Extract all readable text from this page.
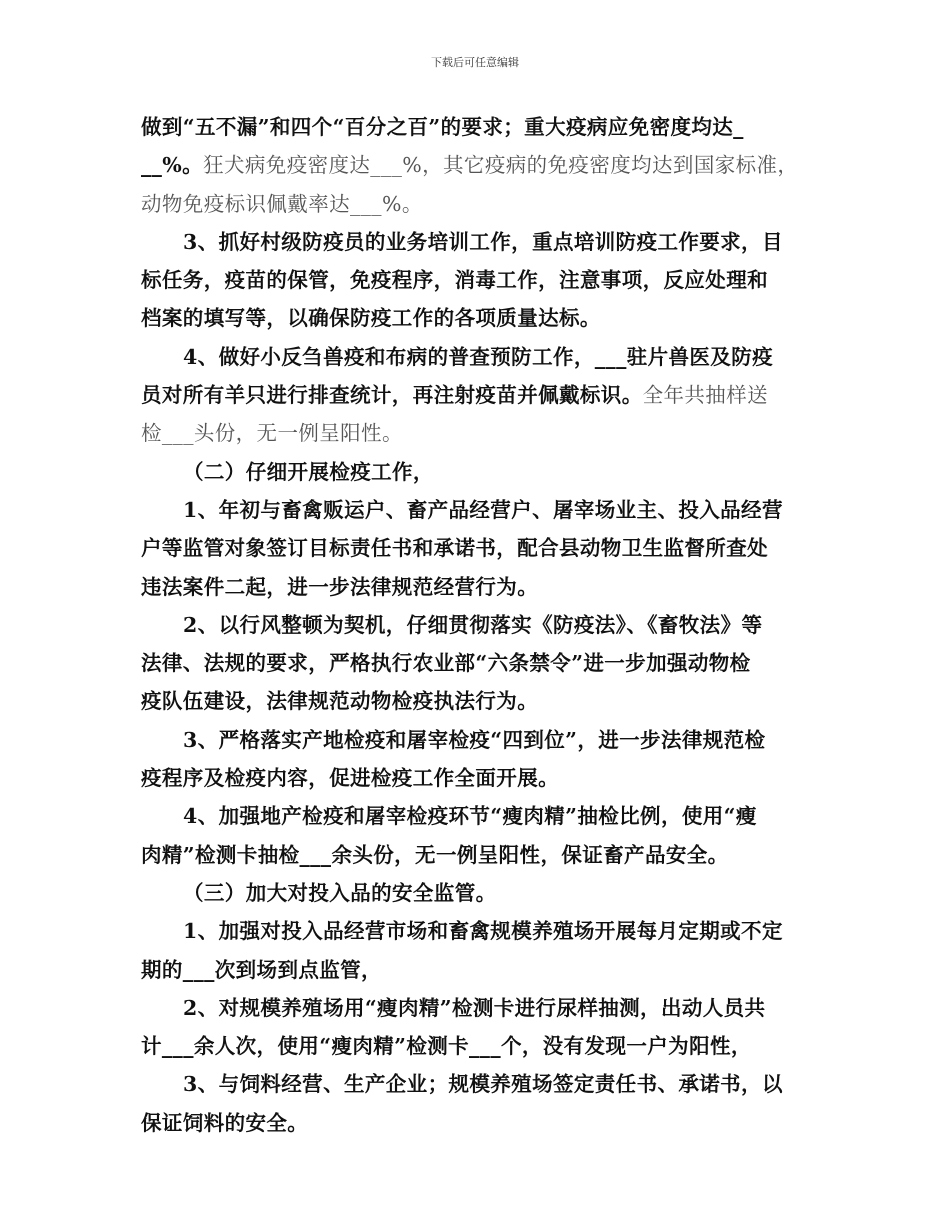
下载后可任意编辑
做到“五不漏”和四个“百分之百”的要求；重大疫病应免密度均达_
__%。狂犬病免疫密度达___%，其它疫病的免疫密度均达到国家标准，
动物免疫标识佩戴率达___%。
3、抓好村级防疫员的业务培训工作，重点培训防疫工作要求，目
标任务，疫苗的保管，免疫程序，消毒工作，注意事项，反应处理和
档案的填写等，以确保防疫工作的各项质量达标。
4、做好小反刍兽疫和布病的普查预防工作，___驻片兽医及防疫
员对所有羊只进行排查统计，再注射疫苗并佩戴标识。全年共抽样送
检___头份，无一例呈阳性。
（二）仔细开展检疫工作，
1、年初与畜禽贩运户、畜产品经营户、屠宰场业主、投入品经营
户等监管对象签订目标责任书和承诺书，配合县动物卫生监督所查处
违法案件二起，进一步法律规范经营行为。
2、以行风整顿为契机，仔细贯彻落实《防疫法》、《畜牧法》等
法律、法规的要求，严格执行农业部“六条禁令”进一步加强动物检
疫队伍建设，法律规范动物检疫执法行为。
3、严格落实产地检疫和屠宰检疫“四到位”，进一步法律规范检
疫程序及检疫内容，促进检疫工作全面开展。
4、加强地产检疫和屠宰检疫环节“瘦肉精”抽检比例，使用“瘦
肉精”检测卡抽检___余头份，无一例呈阳性，保证畜产品安全。
（三）加大对投入品的安全监管。
1、加强对投入品经营市场和畜禽规模养殖场开展每月定期或不定
期的___次到场到点监管，
2、对规模养殖场用“瘦肉精”检测卡进行尿样抽测，出动人员共
计___余人次，使用“瘦肉精”检测卡___个，没有发现一户为阳性，
3、与饲料经营、生产企业；规模养殖场签定责任书、承诺书，以
保证饲料的安全。
